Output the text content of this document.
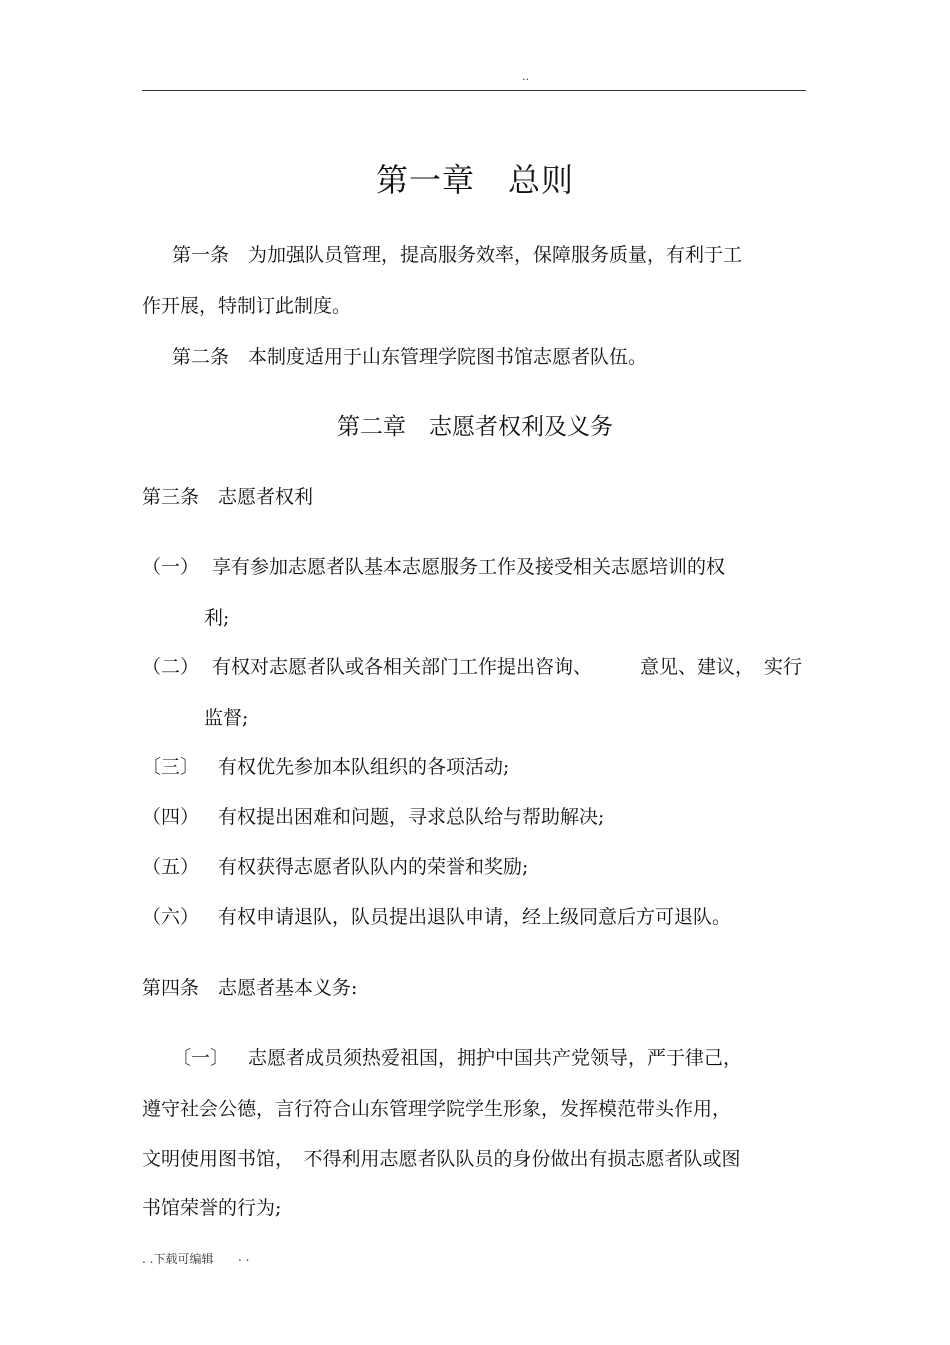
..
第一章　总则
第一条　为加强队员管理，提高服务效率，保障服务质量，有利于工
作开展，特制订此制度。
第二条　本制度适用于山东管理学院图书馆志愿者队伍。
第二章　志愿者权利及义务
第三条　志愿者权利
（一） 享有参加志愿者队基本志愿服务工作及接受相关志愿培训的权
利;
（二） 有权对志愿者队或各相关部门工作提出咨询、	意见、建议， 实行
监督;
〔三〕 有权优先参加本队组织的各项活动;
（四） 有权提出困难和问题，寻求总队给与帮助解决;
（五） 有权获得志愿者队队内的荣誉和奖励;
（六） 有权申请退队，队员提出退队申请，经上级同意后方可退队。
第四条　志愿者基本义务:
〔一〕 志愿者成员须热爱祖国，拥护中国共产党领导，严于律己，
遵守社会公德，言行符合山东管理学院学生形象，发挥模范带头作用，
文明使用图书馆，　不得利用志愿者队队员的身份做出有损志愿者队或图
书馆荣誉的行为;
. .下载可编辑 . .
